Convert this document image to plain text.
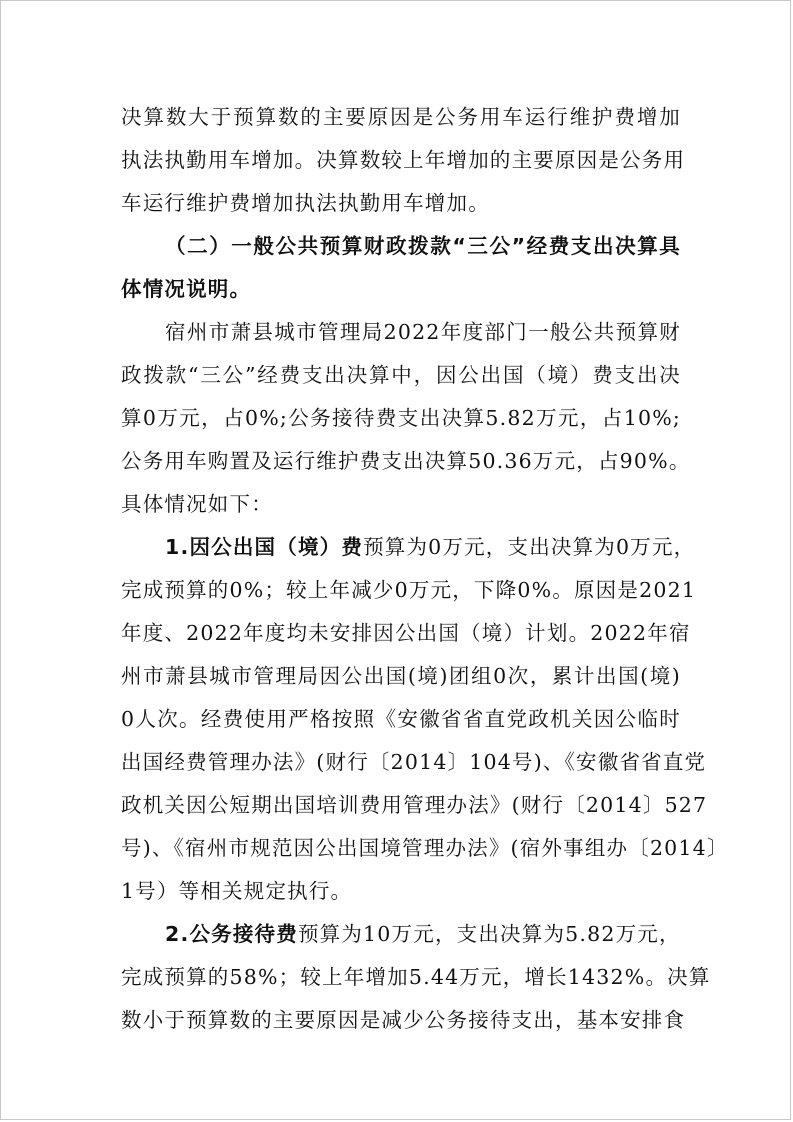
决算数大于预算数的主要原因是公务用车运行维护费增加
执法执勤用车增加。决算数较上年增加的主要原因是公务用
车运行维护费增加执法执勤用车增加。
（二）一般公共预算财政拨款“三公”经费支出决算具
体情况说明。
宿州市萧县城市管理局2022年度部门一般公共预算财
政拨款“三公”经费支出决算中，因公出国（境）费支出决
算0万元，占0%;公务接待费支出决算5.82万元，占10%;
公务用车购置及运行维护费支出决算50.36万元，占90%。
具体情况如下：
1.因公出国（境）费预算为0万元，支出决算为0万元，
完成预算的0%；较上年减少0万元，下降0%。原因是2021
年度、2022年度均未安排因公出国（境）计划。2022年宿
州市萧县城市管理局因公出国(境)团组0次，累计出国(境)
0人次。经费使用严格按照《安徽省省直党政机关因公临时
出国经费管理办法》(财行〔2014〕104号)、《安徽省省直党
政机关因公短期出国培训费用管理办法》(财行〔2014〕527
号)、《宿州市规范因公出国境管理办法》(宿外事组办〔2014〕
1号）等相关规定执行。
2.公务接待费预算为10万元，支出决算为5.82万元，
完成预算的58%；较上年增加5.44万元，增长1432%。决算
数小于预算数的主要原因是减少公务接待支出，基本安排食
